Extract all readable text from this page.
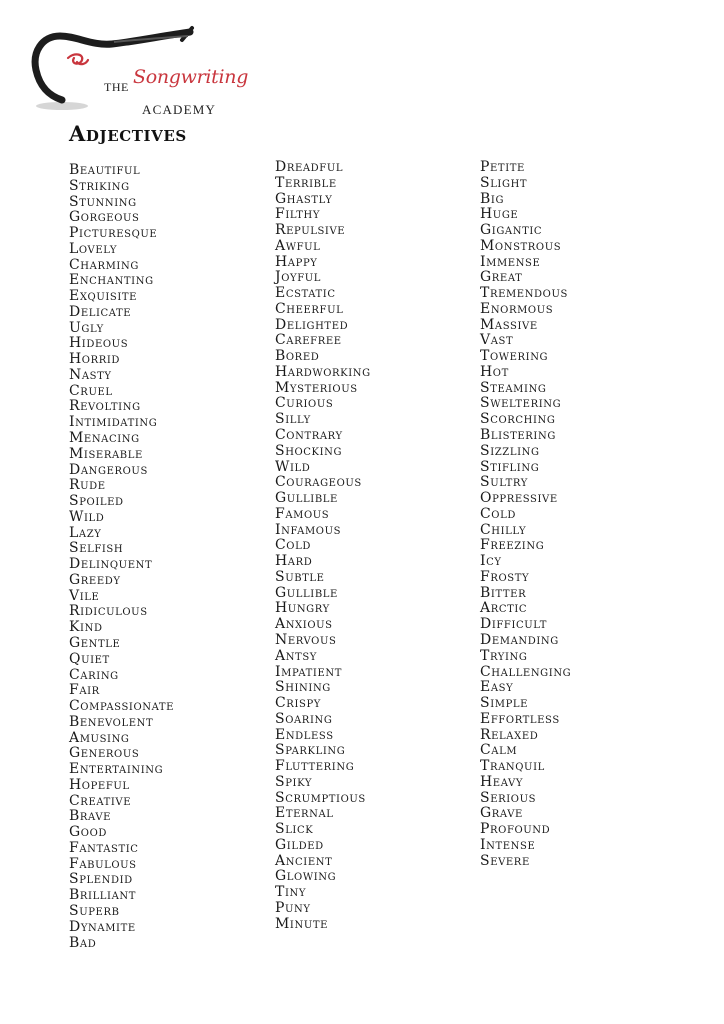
THE Songwriting
ACADEMY
Adjectives
Beautiful
Striking
Stunning
Gorgeous
Picturesque
Lovely
Charming
Enchanting
Exquisite
Delicate
Ugly
Hideous
Horrid
Nasty
Cruel
Revolting
Intimidating
Menacing
Miserable
Dangerous
Rude
Spoiled
Wild
Lazy
Selfish
Delinquent
Greedy
Vile
Ridiculous
Kind
Gentle
Quiet
Caring
Fair
Compassionate
Benevolent
Amusing
Generous
Entertaining
Hopeful
Creative
Brave
Good
Fantastic
Fabulous
Splendid
Brilliant
Superb
Dynamite
Bad
Dreadful
Terrible
Ghastly
Filthy
Repulsive
Awful
Happy
Joyful
Ecstatic
Cheerful
Delighted
Carefree
Bored
Hardworking
Mysterious
Curious
Silly
Contrary
Shocking
Wild
Courageous
Gullible
Famous
Infamous
Cold
Hard
Subtle
Gullible
Hungry
Anxious
Nervous
Antsy
Impatient
Shining
Crispy
Soaring
Endless
Sparkling
Fluttering
Spiky
Scrumptious
Eternal
Slick
Gilded
Ancient
Glowing
Tiny
Puny
Minute
Petite
Slight
Big
Huge
Gigantic
Monstrous
Immense
Great
Tremendous
Enormous
Massive
Vast
Towering
Hot
Steaming
Sweltering
Scorching
Blistering
Sizzling
Stifling
Sultry
Oppressive
Cold
Chilly
Freezing
Icy
Frosty
Bitter
Arctic
Difficult
Demanding
Trying
Challenging
Easy
Simple
Effortless
Relaxed
Calm
Tranquil
Heavy
Serious
Grave
Profound
Intense
Severe
